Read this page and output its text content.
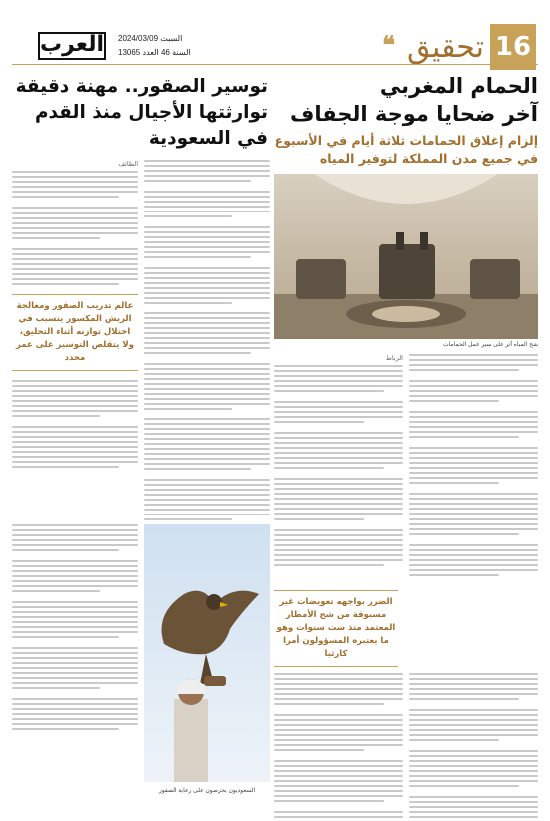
16
تحقيق
❝
السبت 2024/03/09
السنة 46 العدد 13065
العرب
الحمام المغربي
آخر ضحايا موجة الجفاف
إلزام إغلاق الحمامات ثلاثة أيام في الأسبوع
في جميع مدن المملكة لتوفير المياه
شح المياه أثر على سير عمل الحمامات
الرباط
الضرر بواجهه تعويضات غير مسبوقة من شح الأمطار المعتمد منذ ست سنوات وهو ما يعتبره المسؤولون أمرا كارثيا
توسير الصقور.. مهنة دقيقة
توارثتها الأجيال منذ القدم
في السعودية
الطائف
عالم تدريب الصقور ومعالجة الريش المكسور يتسبب في اختلال توازنه أثناء التحليق، ولا يتقلص التوسير على عمر محدد
السعوديون يحرصون على رعاية الصقور
